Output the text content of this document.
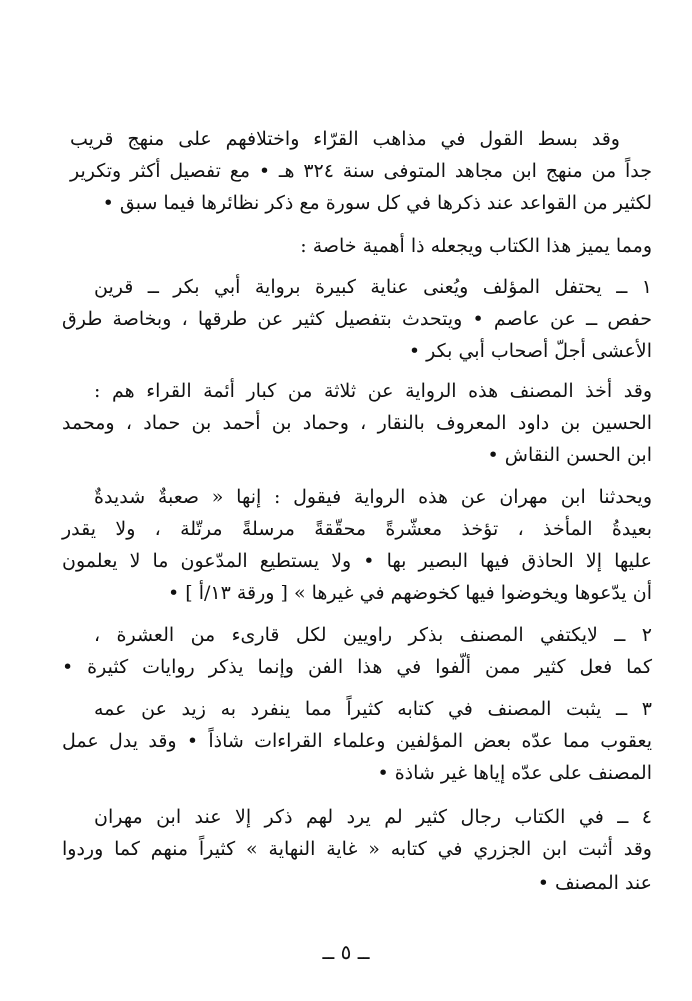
وقد بسط القول في مذاهب القرّاء واختلافهم على منهج قريب
جداً من منهج ابن مجاهد المتوفى سنة ٣٢٤ هـ • مع تفصيل أكثر وتكرير
لكثير من القواعد عند ذكرها في كل سورة مع ذكر نظائرها فيما سبق •
ومما يميز هذا الكتاب ويجعله ذا أهمية خاصة :
١ ــ يحتفل المؤلف ويُعنى عناية كبيرة برواية أبي بكر ــ قرين
حفص ــ عن عاصم • ويتحدث بتفصيل كثير عن طرقها ، وبخاصة طرق
الأعشى أجلّ أصحاب أبي بكر •
وقد أخذ المصنف هذه الرواية عن ثلاثة من كبار أئمة القراء هم :
الحسين بن داود المعروف بالنقار ، وحماد بن أحمد بن حماد ، ومحمد
ابن الحسن النقاش •
ويحدثنا ابن مهران عن هذه الرواية فيقول : إنها « صعبةٌ شديدةٌ
بعيدةُ المأخذ ، تؤخذ معشّرةً محقّقةً مرسلةً مرتّلة ، ولا يقدر
عليها إلا الحاذق فيها البصير بها • ولا يستطيع المدّعون ما لا يعلمون
أن يدّعوها ويخوضوا فيها كخوضهم في غيرها » [ ورقة ١٣/أ ] •
٢ ــ لايكتفي المصنف بذكر راويين لكل قارىء من العشرة ،
كما فعل كثير ممن ألّفوا في هذا الفن وإنما يذكر روايات كثيرة •
٣ ــ يثبت المصنف في كتابه كثيراً مما ينفرد به زيد عن عمه
يعقوب مما عدّه بعض المؤلفين وعلماء القراءات شاذاً • وقد يدل عمل
المصنف على عدّه إياها غير شاذة •
٤ ــ في الكتاب رجال كثير لم يرد لهم ذكر إلا عند ابن مهران
وقد أثبت ابن الجزري في كتابه « غاية النهاية » كثيراً منهم كما وردوا
عند المصنف •
ــ ٥ ــ
